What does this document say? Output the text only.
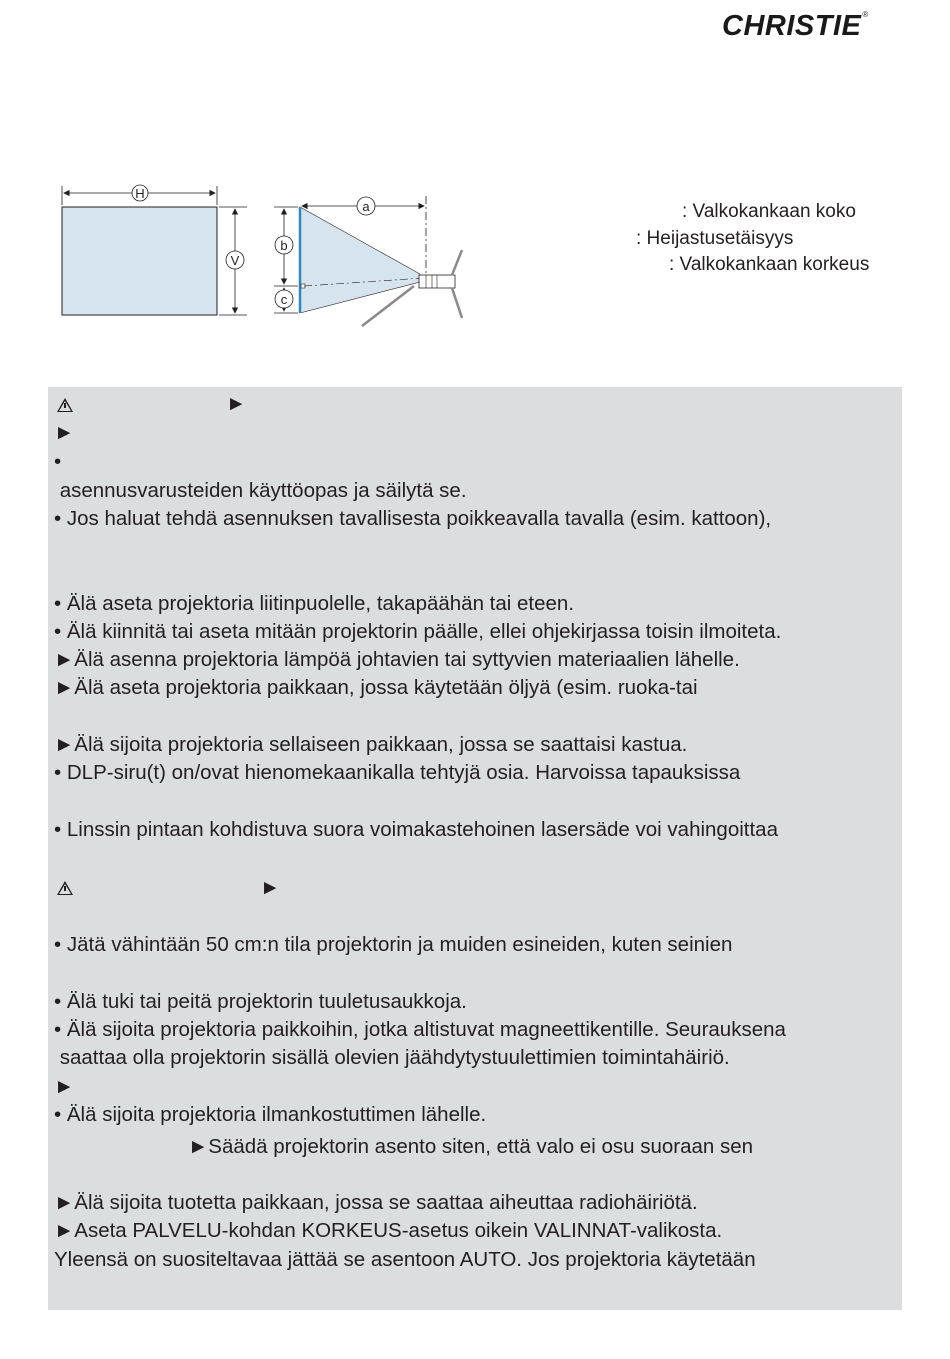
CHRISTIE®
H
V
b
c
a	: Valkokankaan koko
: Heijastusetäisyys
: Valkokankaan korkeus
►
►
•
asennusvarusteiden käyttöopas ja säilytä se.
• Jos haluat tehdä asennuksen tavallisesta poikkeavalla tavalla (esim. kattoon),
• Älä aseta projektoria liitinpuolelle, takapäähän tai eteen.
• Älä kiinnitä tai aseta mitään projektorin päälle, ellei ohjekirjassa toisin ilmoiteta.
►Älä asenna projektoria lämpöä johtavien tai syttyvien materiaalien lähelle.
►Älä aseta projektoria paikkaan, jossa käytetään öljyä (esim. ruoka-tai
►Älä sijoita projektoria sellaiseen paikkaan, jossa se saattaisi kastua.
• DLP-siru(t) on/ovat hienomekaanikalla tehtyjä osia. Harvoissa tapauksissa
• Linssin pintaan kohdistuva suora voimakastehoinen lasersäde voi vahingoittaa
►
• Jätä vähintään 50 cm:n tila projektorin ja muiden esineiden, kuten seinien
• Älä tuki tai peitä projektorin tuuletusaukkoja.
• Älä sijoita projektoria paikkoihin, jotka altistuvat magneettikentille. Seurauksena
saattaa olla projektorin sisällä olevien jäähdytystuulettimien toimintahäiriö.
►
• Älä sijoita projektoria ilmankostuttimen lähelle.
►Säädä projektorin asento siten, että valo ei osu suoraan sen
►Älä sijoita tuotetta paikkaan, jossa se saattaa aiheuttaa radiohäiriötä.
►Aseta PALVELU-kohdan KORKEUS-asetus oikein VALINNAT-valikosta.
Yleensä on suositeltavaa jättää se asentoon AUTO. Jos projektoria käytetään
